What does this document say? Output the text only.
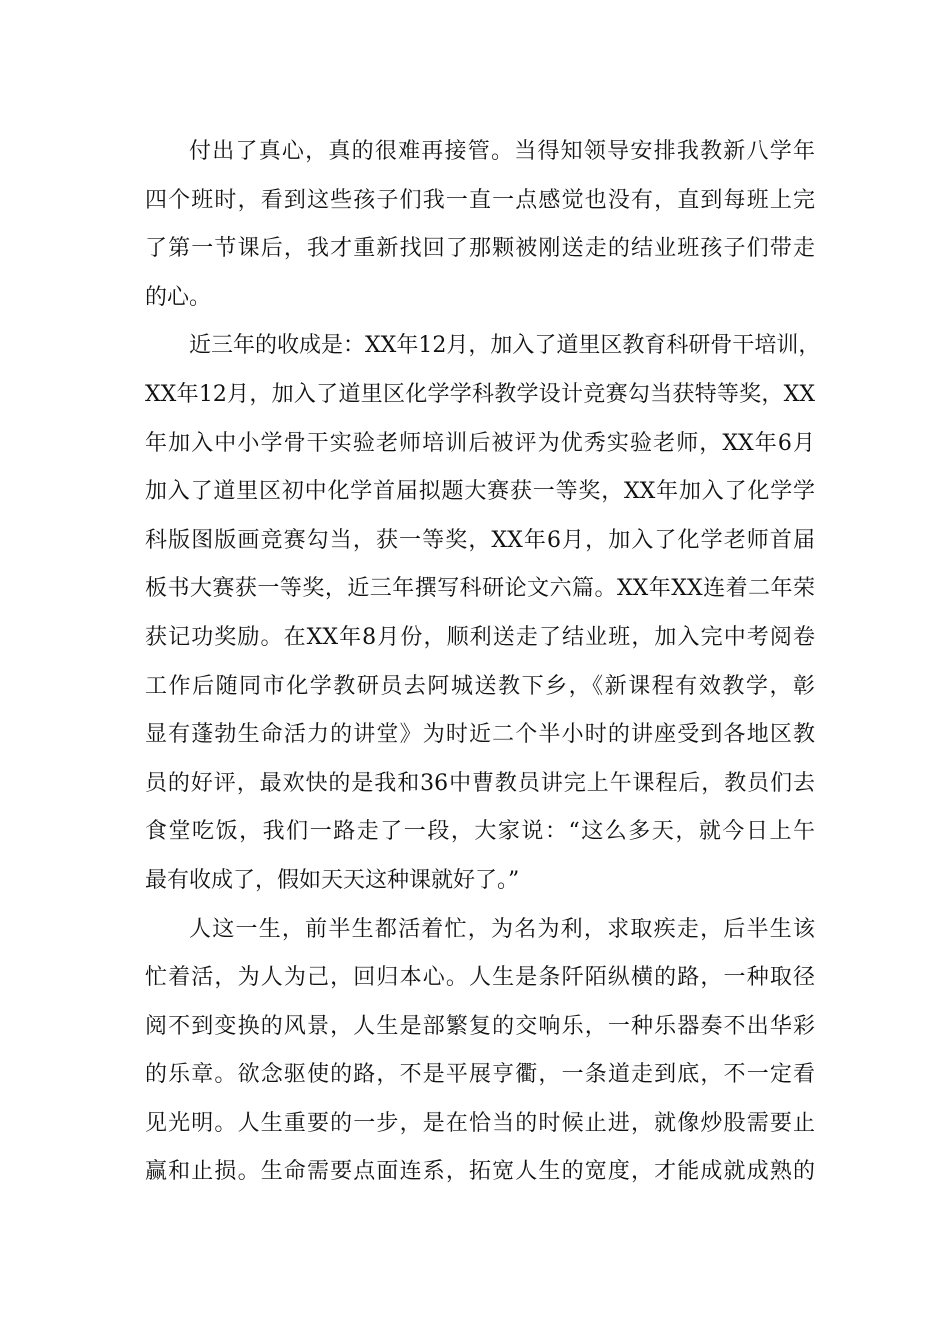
付出了真心，真的很难再接管。当得知领导安排我教新八学年
四个班时，看到这些孩子们我一直一点感觉也没有，直到每班上完
了第一节课后，我才重新找回了那颗被刚送走的结业班孩子们带走
的心。
近三年的收成是：XX年12月，加入了道里区教育科研骨干培训，
XX年12月，加入了道里区化学学科教学设计竞赛勾当获特等奖，XX
年加入中小学骨干实验老师培训后被评为优秀实验老师，XX年6月
加入了道里区初中化学首届拟题大赛获一等奖，XX年加入了化学学
科版图版画竞赛勾当，获一等奖，XX年6月，加入了化学老师首届
板书大赛获一等奖，近三年撰写科研论文六篇。XX年XX连着二年荣
获记功奖励。在XX年8月份，顺利送走了结业班，加入完中考阅卷
工作后随同市化学教研员去阿城送教下乡，《新课程有效教学，彰
显有蓬勃生命活力的讲堂》为时近二个半小时的讲座受到各地区教
员的好评，最欢快的是我和36中曹教员讲完上午课程后，教员们去
食堂吃饭，我们一路走了一段，大家说：“这么多天，就今日上午
最有收成了，假如天天这种课就好了。”
人这一生，前半生都活着忙，为名为利，求取疾走，后半生该
忙着活，为人为己，回归本心。人生是条阡陌纵横的路，一种取径
阅不到变换的风景，人生是部繁复的交响乐，一种乐器奏不出华彩
的乐章。欲念驱使的路，不是平展亨衢，一条道走到底，不一定看
见光明。人生重要的一步，是在恰当的时候止进，就像炒股需要止
赢和止损。生命需要点面连系，拓宽人生的宽度，才能成就成熟的
